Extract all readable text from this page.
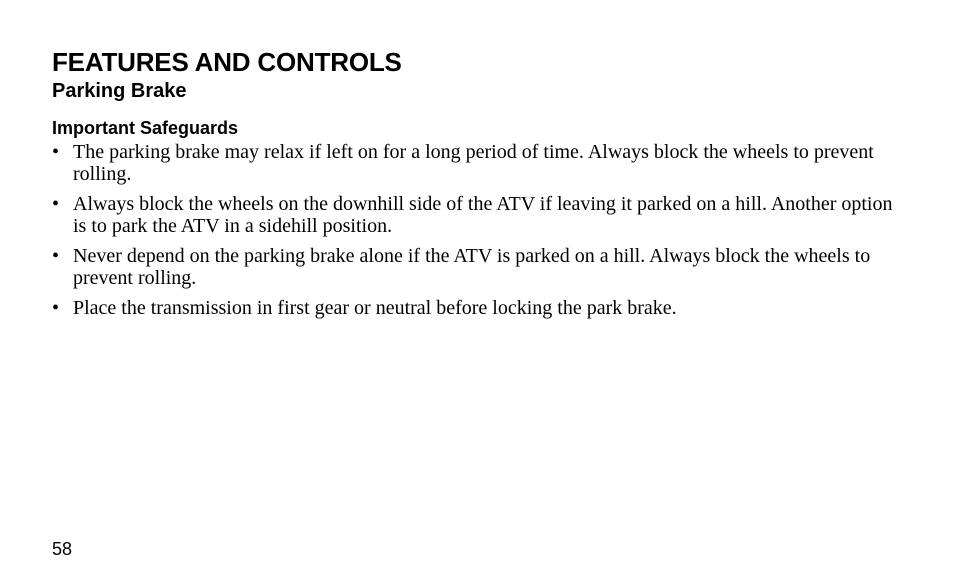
FEATURES AND CONTROLS
Parking Brake
Important Safeguards
• The parking brake may relax if left on for a long period of time. Always block the wheels to prevent rolling.
• Always block the wheels on the downhill side of the ATV if leaving it parked on a hill. Another option is to park the ATV in a sidehill position.
• Never depend on the parking brake alone if the ATV is parked on a hill. Always block the wheels to prevent rolling.
• Place the transmission in first gear or neutral before locking the park brake.
58
